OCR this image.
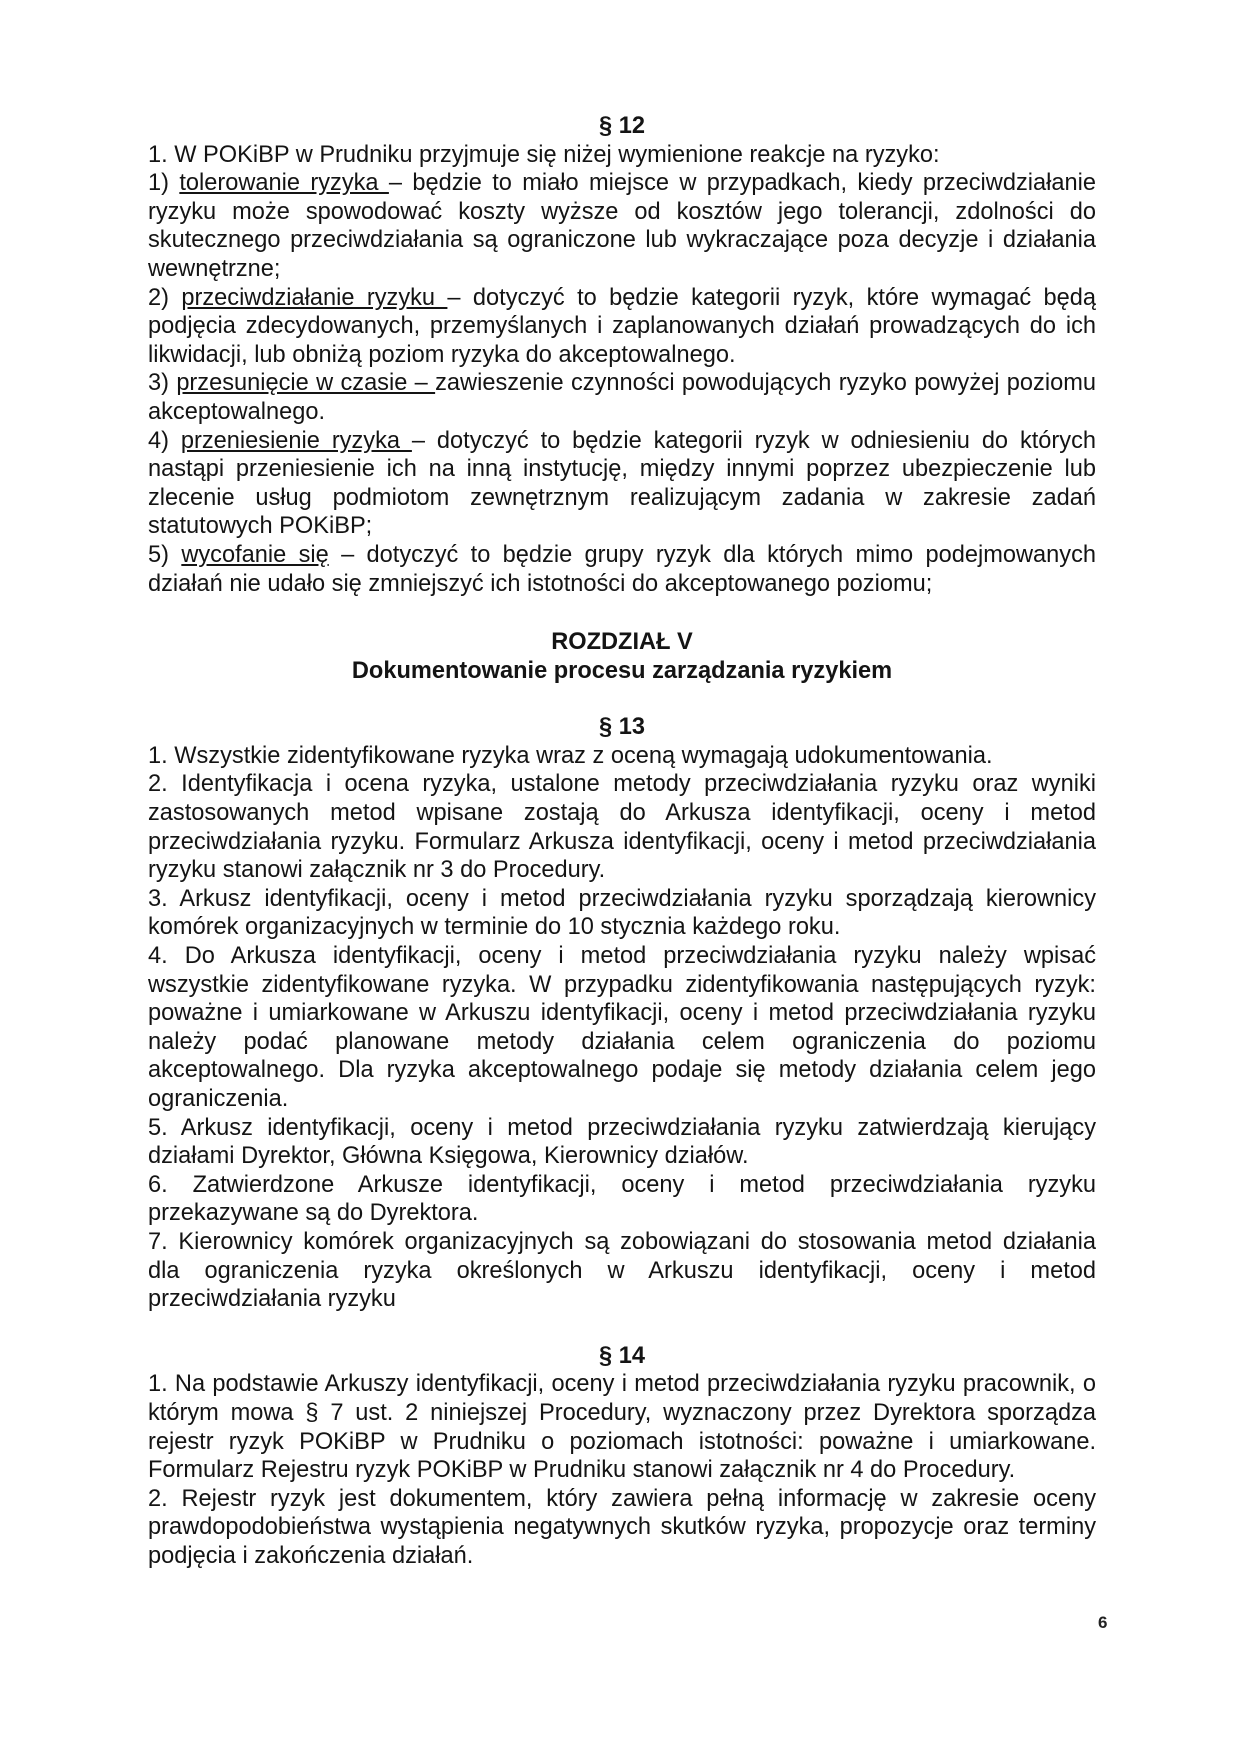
§ 12

1. W POKiBP w Prudniku przyjmuje się niżej wymienione reakcje na ryzyko:

1) tolerowanie ryzyka – będzie to miało miejsce w przypadkach, kiedy przeciwdziałanie ryzyku może spowodować koszty wyższe od kosztów jego tolerancji, zdolności do skutecznego przeciwdziałania są ograniczone lub wykraczające poza decyzje i działania wewnętrzne;

2) przeciwdziałanie ryzyku – dotyczyć to będzie kategorii ryzyk, które wymagać będą podjęcia zdecydowanych, przemyślanych i zaplanowanych działań prowadzących do ich likwidacji, lub obniżą poziom ryzyka do akceptowalnego.

3) przesunięcie w czasie – zawieszenie czynności powodujących ryzyko powyżej poziomu akceptowalnego.

4) przeniesienie ryzyka – dotyczyć to będzie kategorii ryzyk w odniesieniu do których nastąpi przeniesienie ich na inną instytucję, między innymi poprzez ubezpieczenie lub zlecenie usług podmiotom zewnętrznym realizującym zadania w zakresie zadań statutowych POKiBP;

5) wycofanie się – dotyczyć to będzie grupy ryzyk dla których mimo podejmowanych działań nie udało się zmniejszyć ich istotności do akceptowanego poziomu;

ROZDZIAŁ V
Dokumentowanie procesu zarządzania ryzykiem
§ 13

1. Wszystkie zidentyfikowane ryzyka wraz z oceną wymagają udokumentowania.

2. Identyfikacja i ocena ryzyka, ustalone metody przeciwdziałania ryzyku oraz wyniki zastosowanych metod wpisane zostają do Arkusza identyfikacji, oceny i metod przeciwdziałania ryzyku. Formularz Arkusza identyfikacji, oceny i metod przeciwdziałania ryzyku stanowi załącznik nr 3 do Procedury.

3. Arkusz identyfikacji, oceny i metod przeciwdziałania ryzyku sporządzają kierownicy komórek organizacyjnych w terminie do 10 stycznia każdego roku.

4. Do Arkusza identyfikacji, oceny i metod przeciwdziałania ryzyku należy wpisać wszystkie zidentyfikowane ryzyka. W przypadku zidentyfikowania następujących ryzyk: poważne i umiarkowane w Arkuszu identyfikacji, oceny i metod przeciwdziałania ryzyku należy podać planowane metody działania celem ograniczenia do poziomu akceptowalnego. Dla ryzyka akceptowalnego podaje się metody działania celem jego ograniczenia.

5. Arkusz identyfikacji, oceny i metod przeciwdziałania ryzyku zatwierdzają kierujący działami Dyrektor, Główna Księgowa, Kierownicy działów.

6. Zatwierdzone Arkusze identyfikacji, oceny i metod przeciwdziałania ryzyku przekazywane są do Dyrektora.

7. Kierownicy komórek organizacyjnych są zobowiązani do stosowania metod działania dla ograniczenia ryzyka określonych w Arkuszu identyfikacji, oceny i metod przeciwdziałania ryzyku

§ 14

1. Na podstawie Arkuszy identyfikacji, oceny i metod przeciwdziałania ryzyku pracownik, o którym mowa § 7 ust. 2 niniejszej Procedury, wyznaczony przez Dyrektora sporządza rejestr ryzyk POKiBP w Prudniku o poziomach istotności: poważne i umiarkowane. Formularz Rejestru ryzyk POKiBP w Prudniku stanowi załącznik nr 4 do Procedury.

2. Rejestr ryzyk jest dokumentem, który zawiera pełną informację w zakresie oceny prawdopodobieństwa wystąpienia negatywnych skutków ryzyka, propozycje oraz terminy podjęcia i zakończenia działań.

6
